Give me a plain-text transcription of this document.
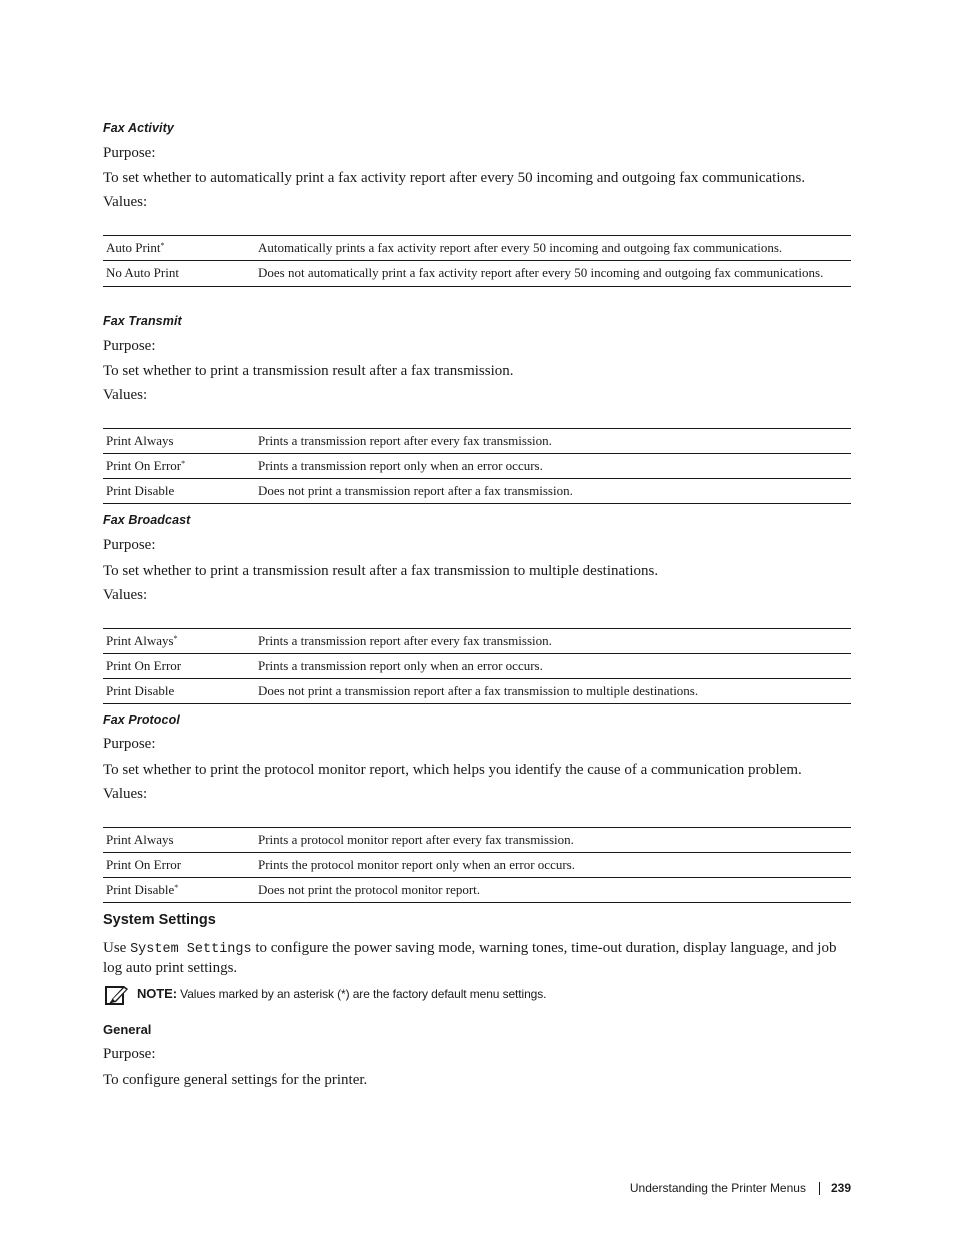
Fax Activity
Purpose:
To set whether to automatically print a fax activity report after every 50 incoming and outgoing fax communications.
Values:
Auto Print*	Automatically prints a fax activity report after every 50 incoming and outgoing fax communications.
No Auto Print	Does not automatically print a fax activity report after every 50 incoming and outgoing fax communications.
Fax Transmit
Purpose:
To set whether to print a transmission result after a fax transmission.
Values:
Print Always	Prints a transmission report after every fax transmission.
Print On Error*	Prints a transmission report only when an error occurs.
Print Disable	Does not print a transmission report after a fax transmission.
Fax Broadcast
Purpose:
To set whether to print a transmission result after a fax transmission to multiple destinations.
Values:
Print Always*	Prints a transmission report after every fax transmission.
Print On Error	Prints a transmission report only when an error occurs.
Print Disable	Does not print a transmission report after a fax transmission to multiple destinations.
Fax Protocol
Purpose:
To set whether to print the protocol monitor report, which helps you identify the cause of a communication problem.
Values:
Print Always	Prints a protocol monitor report after every fax transmission.
Print On Error	Prints the protocol monitor report only when an error occurs.
Print Disable*	Does not print the protocol monitor report.
System Settings
Use System Settings to configure the power saving mode, warning tones, time-out duration, display language, and job log auto print settings.
NOTE: Values marked by an asterisk (*) are the factory default menu settings.
General
Purpose:
To configure general settings for the printer.
Understanding the Printer Menus 239
